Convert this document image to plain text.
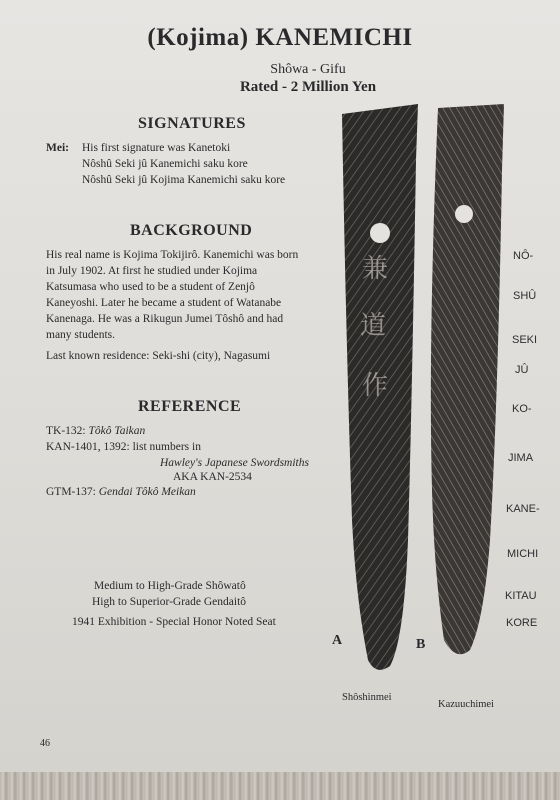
(Kojima) KANEMICHI
Shôwa - Gifu
Rated - 2 Million Yen
SIGNATURES
Mei: His first signature was Kanetoki
Nôshû Seki jû Kanemichi saku kore
Nôshû Seki jû Kojima Kanemichi saku kore
BACKGROUND
His real name is Kojima Tokijirô. Kanemichi was born
in July 1902. At first he studied under Kojima
Katsumasa who used to be a student of Zenjô
Kaneyoshi. Later he became a student of Watanabe
Kanenaga. He was a Rikugun Jumei Tôshô and had
many students.
Last known residence: Seki-shi (city), Nagasumi
REFERENCE
TK-132: Tôkô Taikan
KAN-1401, 1392: list numbers in
Hawley's Japanese Swordsmiths
AKA KAN-2534
GTM-137: Gendai Tôkô Meikan
Medium to High-Grade Shôwatô
High to Superior-Grade Gendaitô
1941 Exhibition - Special Honor Noted Seat
兼
道
作
A	B
Shôshinmei
Kazuuchimei
NÔ-
SHÛ
SEKI
JÛ
KO-
JIMA
KANE-
MICHI
KITAU
KORE
46
